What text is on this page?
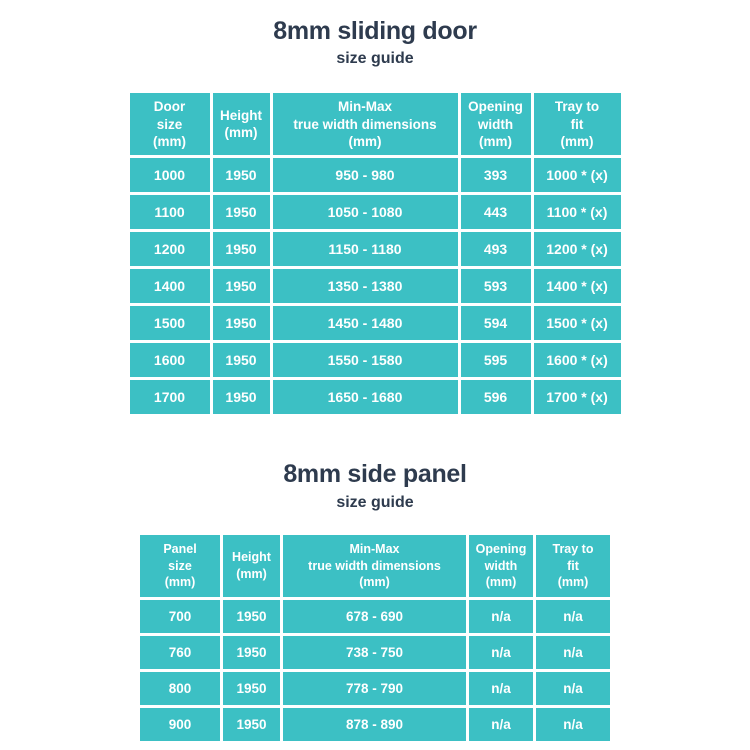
8mm sliding door

size guide

Door
size
(mm)	Height
(mm)	Min-Max
true width dimensions
(mm)	Opening
width
(mm)	Tray to
fit
(mm)

1000	1950	950 - 980	393	1000 * (x)
1100	1950	1050 - 1080	443	1100 * (x)
1200	1950	1150 - 1180	493	1200 * (x)
1400	1950	1350 - 1380	593	1400 * (x)
1500	1950	1450 - 1480	594	1500 * (x)
1600	1950	1550 - 1580	595	1600 * (x)
1700	1950	1650 - 1680	596	1700 * (x)
8mm side panel

size guide

Panel
size
(mm)	Height
(mm)	Min-Max
true width dimensions
(mm)	Opening
width
(mm)	Tray to
fit
(mm)

700	1950	678 - 690	n/a	n/a
760	1950	738 - 750	n/a	n/a
800	1950	778 - 790	n/a	n/a
900	1950	878 - 890	n/a	n/a
